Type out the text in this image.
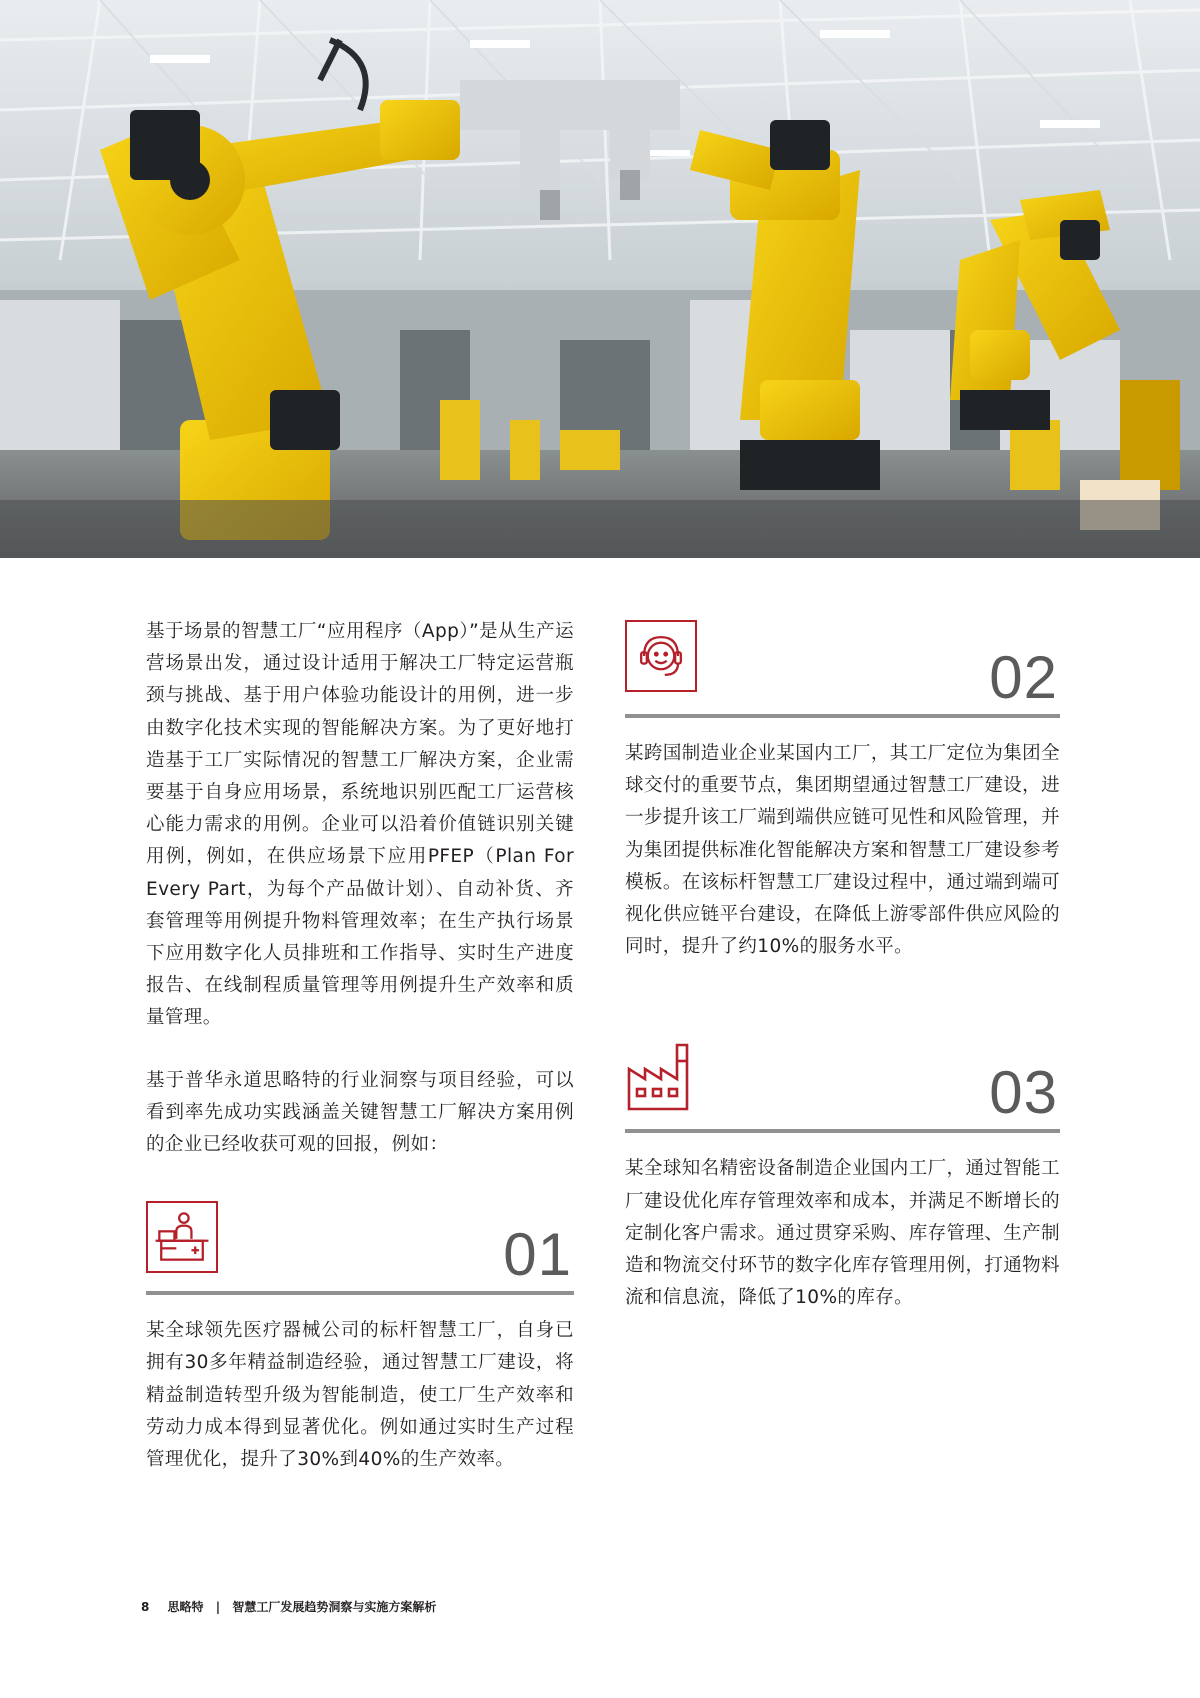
基于场景的智慧工厂“应用程序（App）”是从生产运营场景出发，通过设计适用于解决工厂特定运营瓶颈与挑战、基于用户体验功能设计的用例，进一步由数字化技术实现的智能解决方案。为了更好地打造基于工厂实际情况的智慧工厂解决方案，企业需要基于自身应用场景，系统地识别匹配工厂运营核心能力需求的用例。企业可以沿着价值链识别关键用例，例如，在供应场景下应用PFEP（Plan For Every Part，为每个产品做计划）、自动补货、齐套管理等用例提升物料管理效率；在生产执行场景下应用数字化人员排班和工作指导、实时生产进度报告、在线制程质量管理等用例提升生产效率和质量管理。

基于普华永道思略特的行业洞察与项目经验，可以看到率先成功实践涵盖关键智慧工厂解决方案用例的企业已经收获可观的回报，例如：

01

某全球领先医疗器械公司的标杆智慧工厂，自身已拥有30多年精益制造经验，通过智慧工厂建设，将精益制造转型升级为智能制造，使工厂生产效率和劳动力成本得到显著优化。例如通过实时生产过程管理优化，提升了30%到40%的生产效率。

02

某跨国制造业企业某国内工厂，其工厂定位为集团全球交付的重要节点，集团期望通过智慧工厂建设，进一步提升该工厂端到端供应链可见性和风险管理，并为集团提供标准化智能解决方案和智慧工厂建设参考模板。在该标杆智慧工厂建设过程中，通过端到端可视化供应链平台建设，在降低上游零部件供应风险的同时，提升了约10%的服务水平。

03

某全球知名精密设备制造企业国内工厂，通过智能工厂建设优化库存管理效率和成本，并满足不断增长的定制化客户需求。通过贯穿采购、库存管理、生产制造和物流交付环节的数字化库存管理用例，打通物料流和信息流，降低了10%的库存。

8 思略特 | 智慧工厂发展趋势洞察与实施方案解析
